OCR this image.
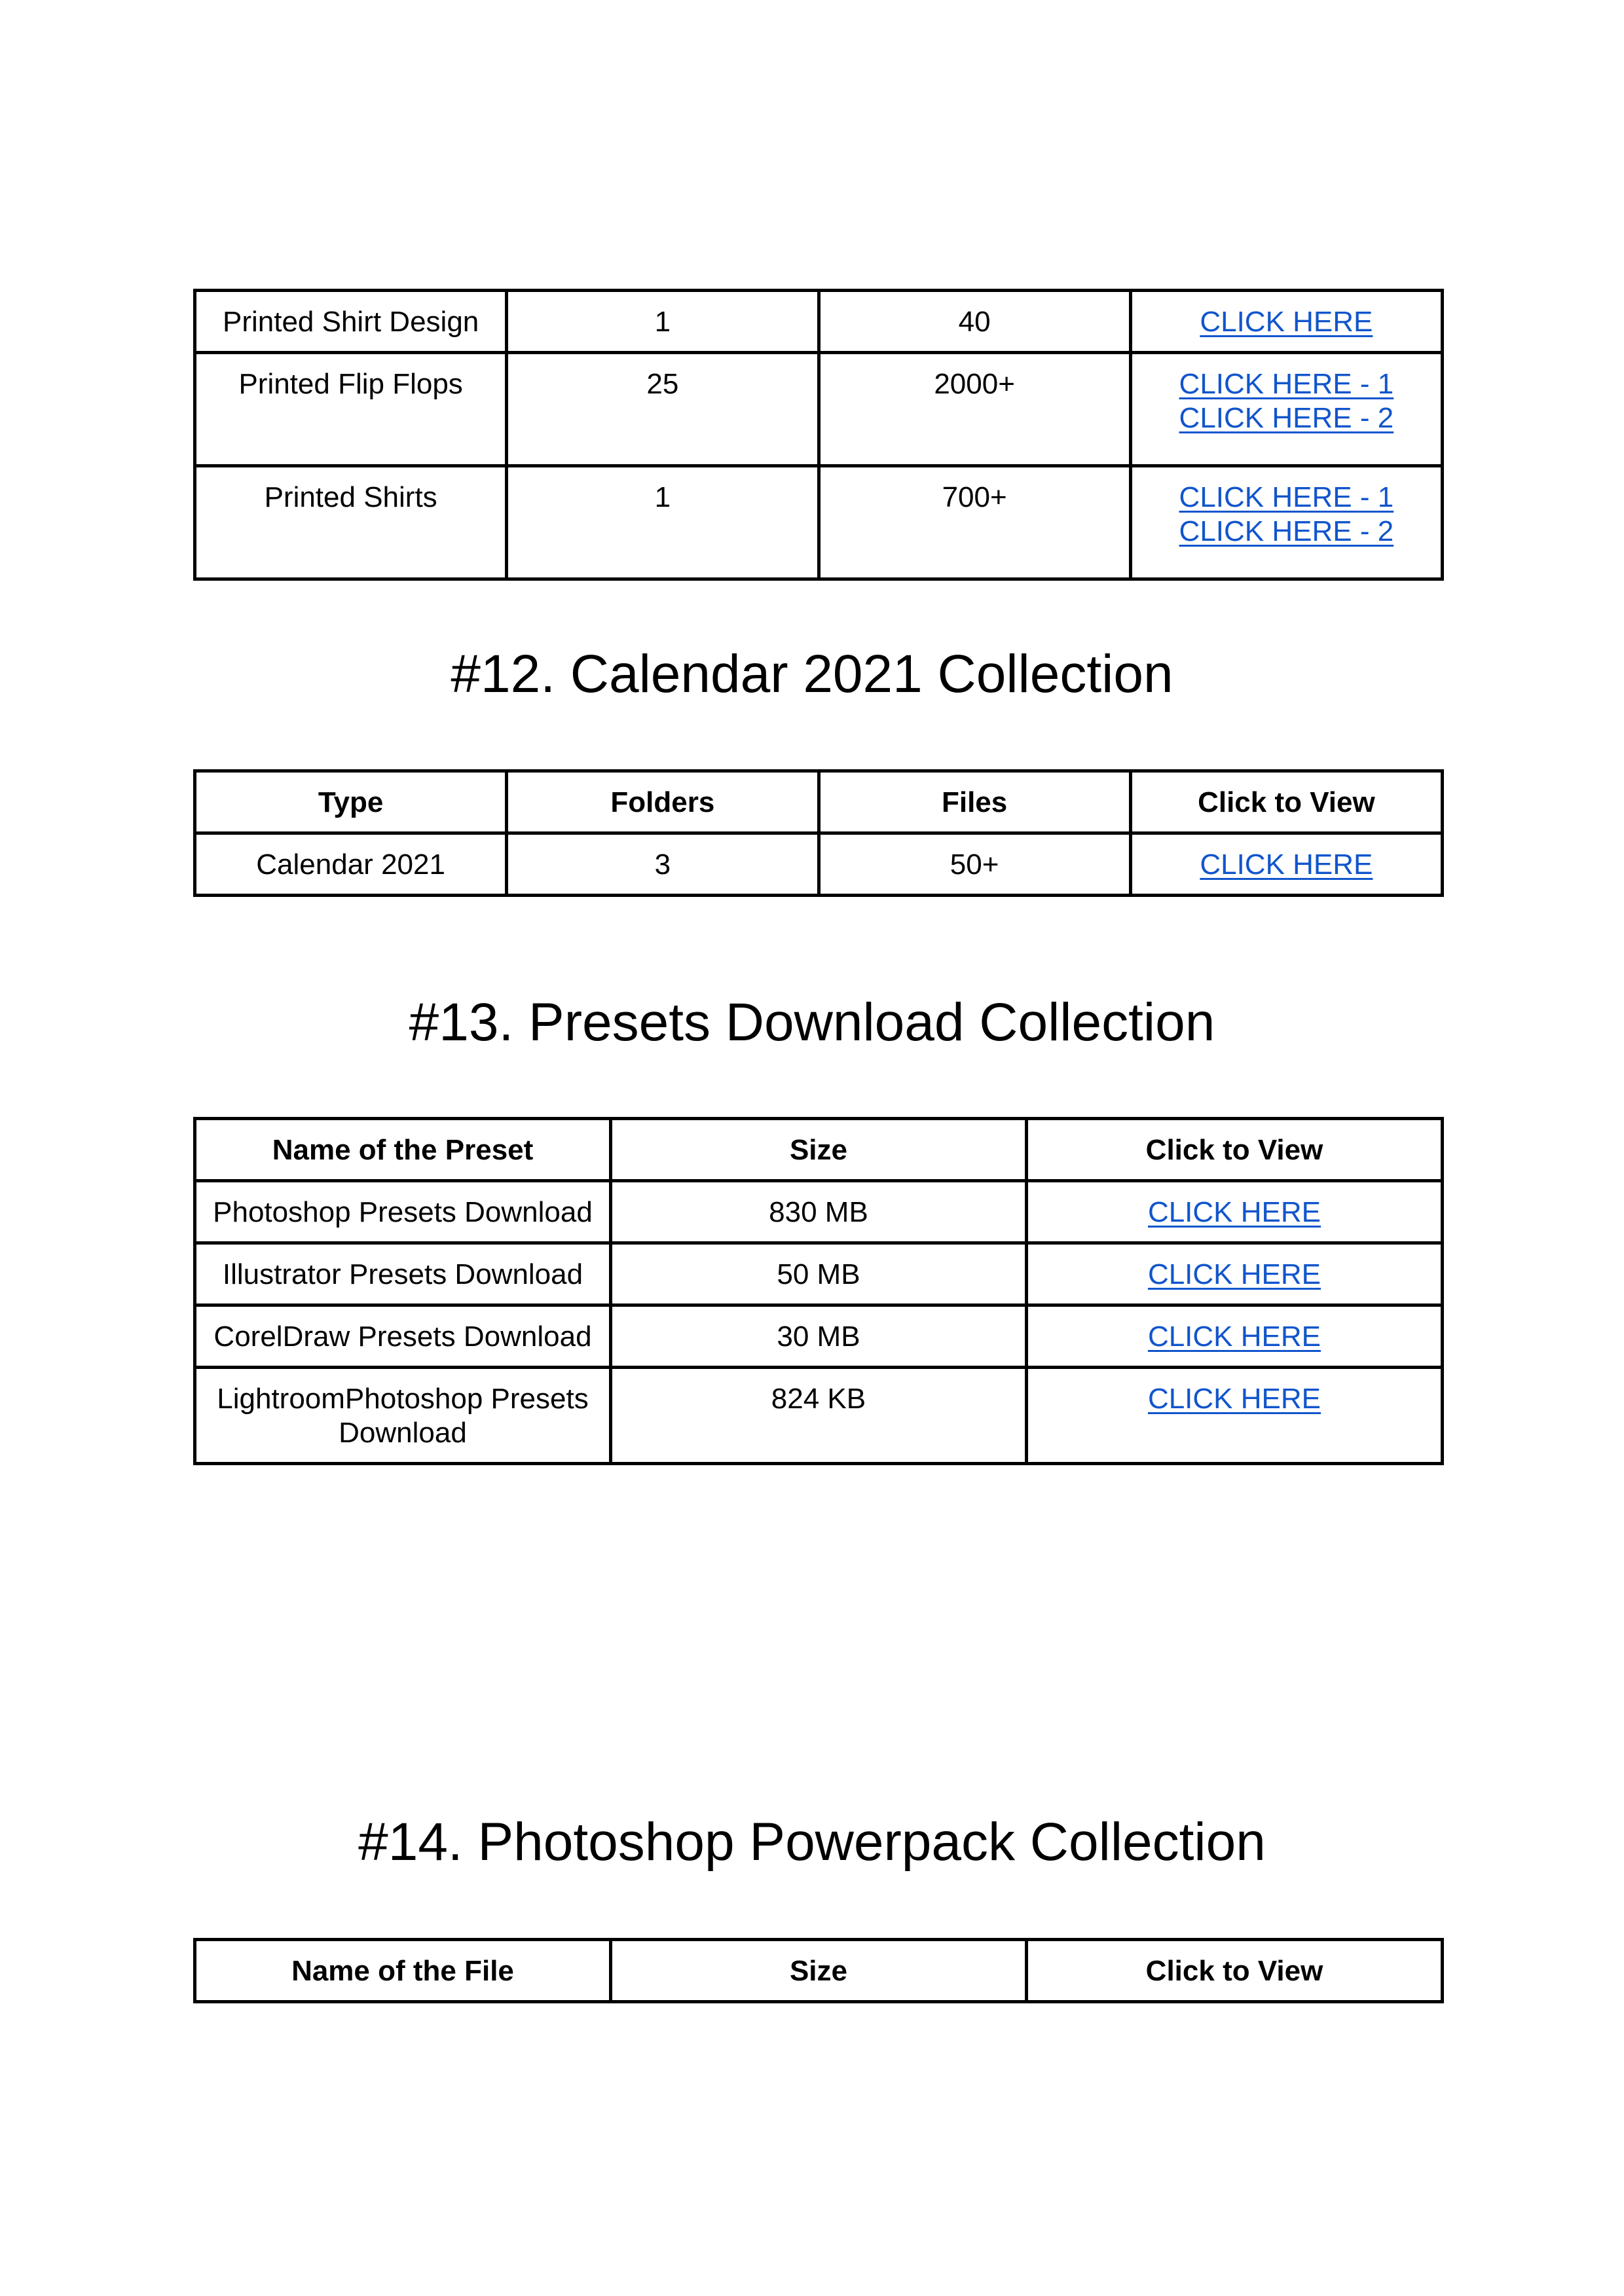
Printed Shirt Design	1	40	CLICK HERE

Printed Flip Flops	25	2000+	CLICK HERE - 1
CLICK HERE - 2

Printed Shirts	1	700+	CLICK HERE - 1
CLICK HERE - 2
#12. Calendar 2021 Collection
Type	Folders	Files	Click to View
Calendar 2021	3	50+	CLICK HERE
#13. Presets Download Collection
Name of the Preset	Size	Click to View
Photoshop Presets Download	830 MB	CLICK HERE

Illustrator Presets Download	50 MB	CLICK HERE

CorelDraw Presets Download	30 MB	CLICK HERE

LightroomPhotoshop Presets Download	824 KB	CLICK HERE
#14. Photoshop Powerpack Collection
Name of the File	Size	Click to View
